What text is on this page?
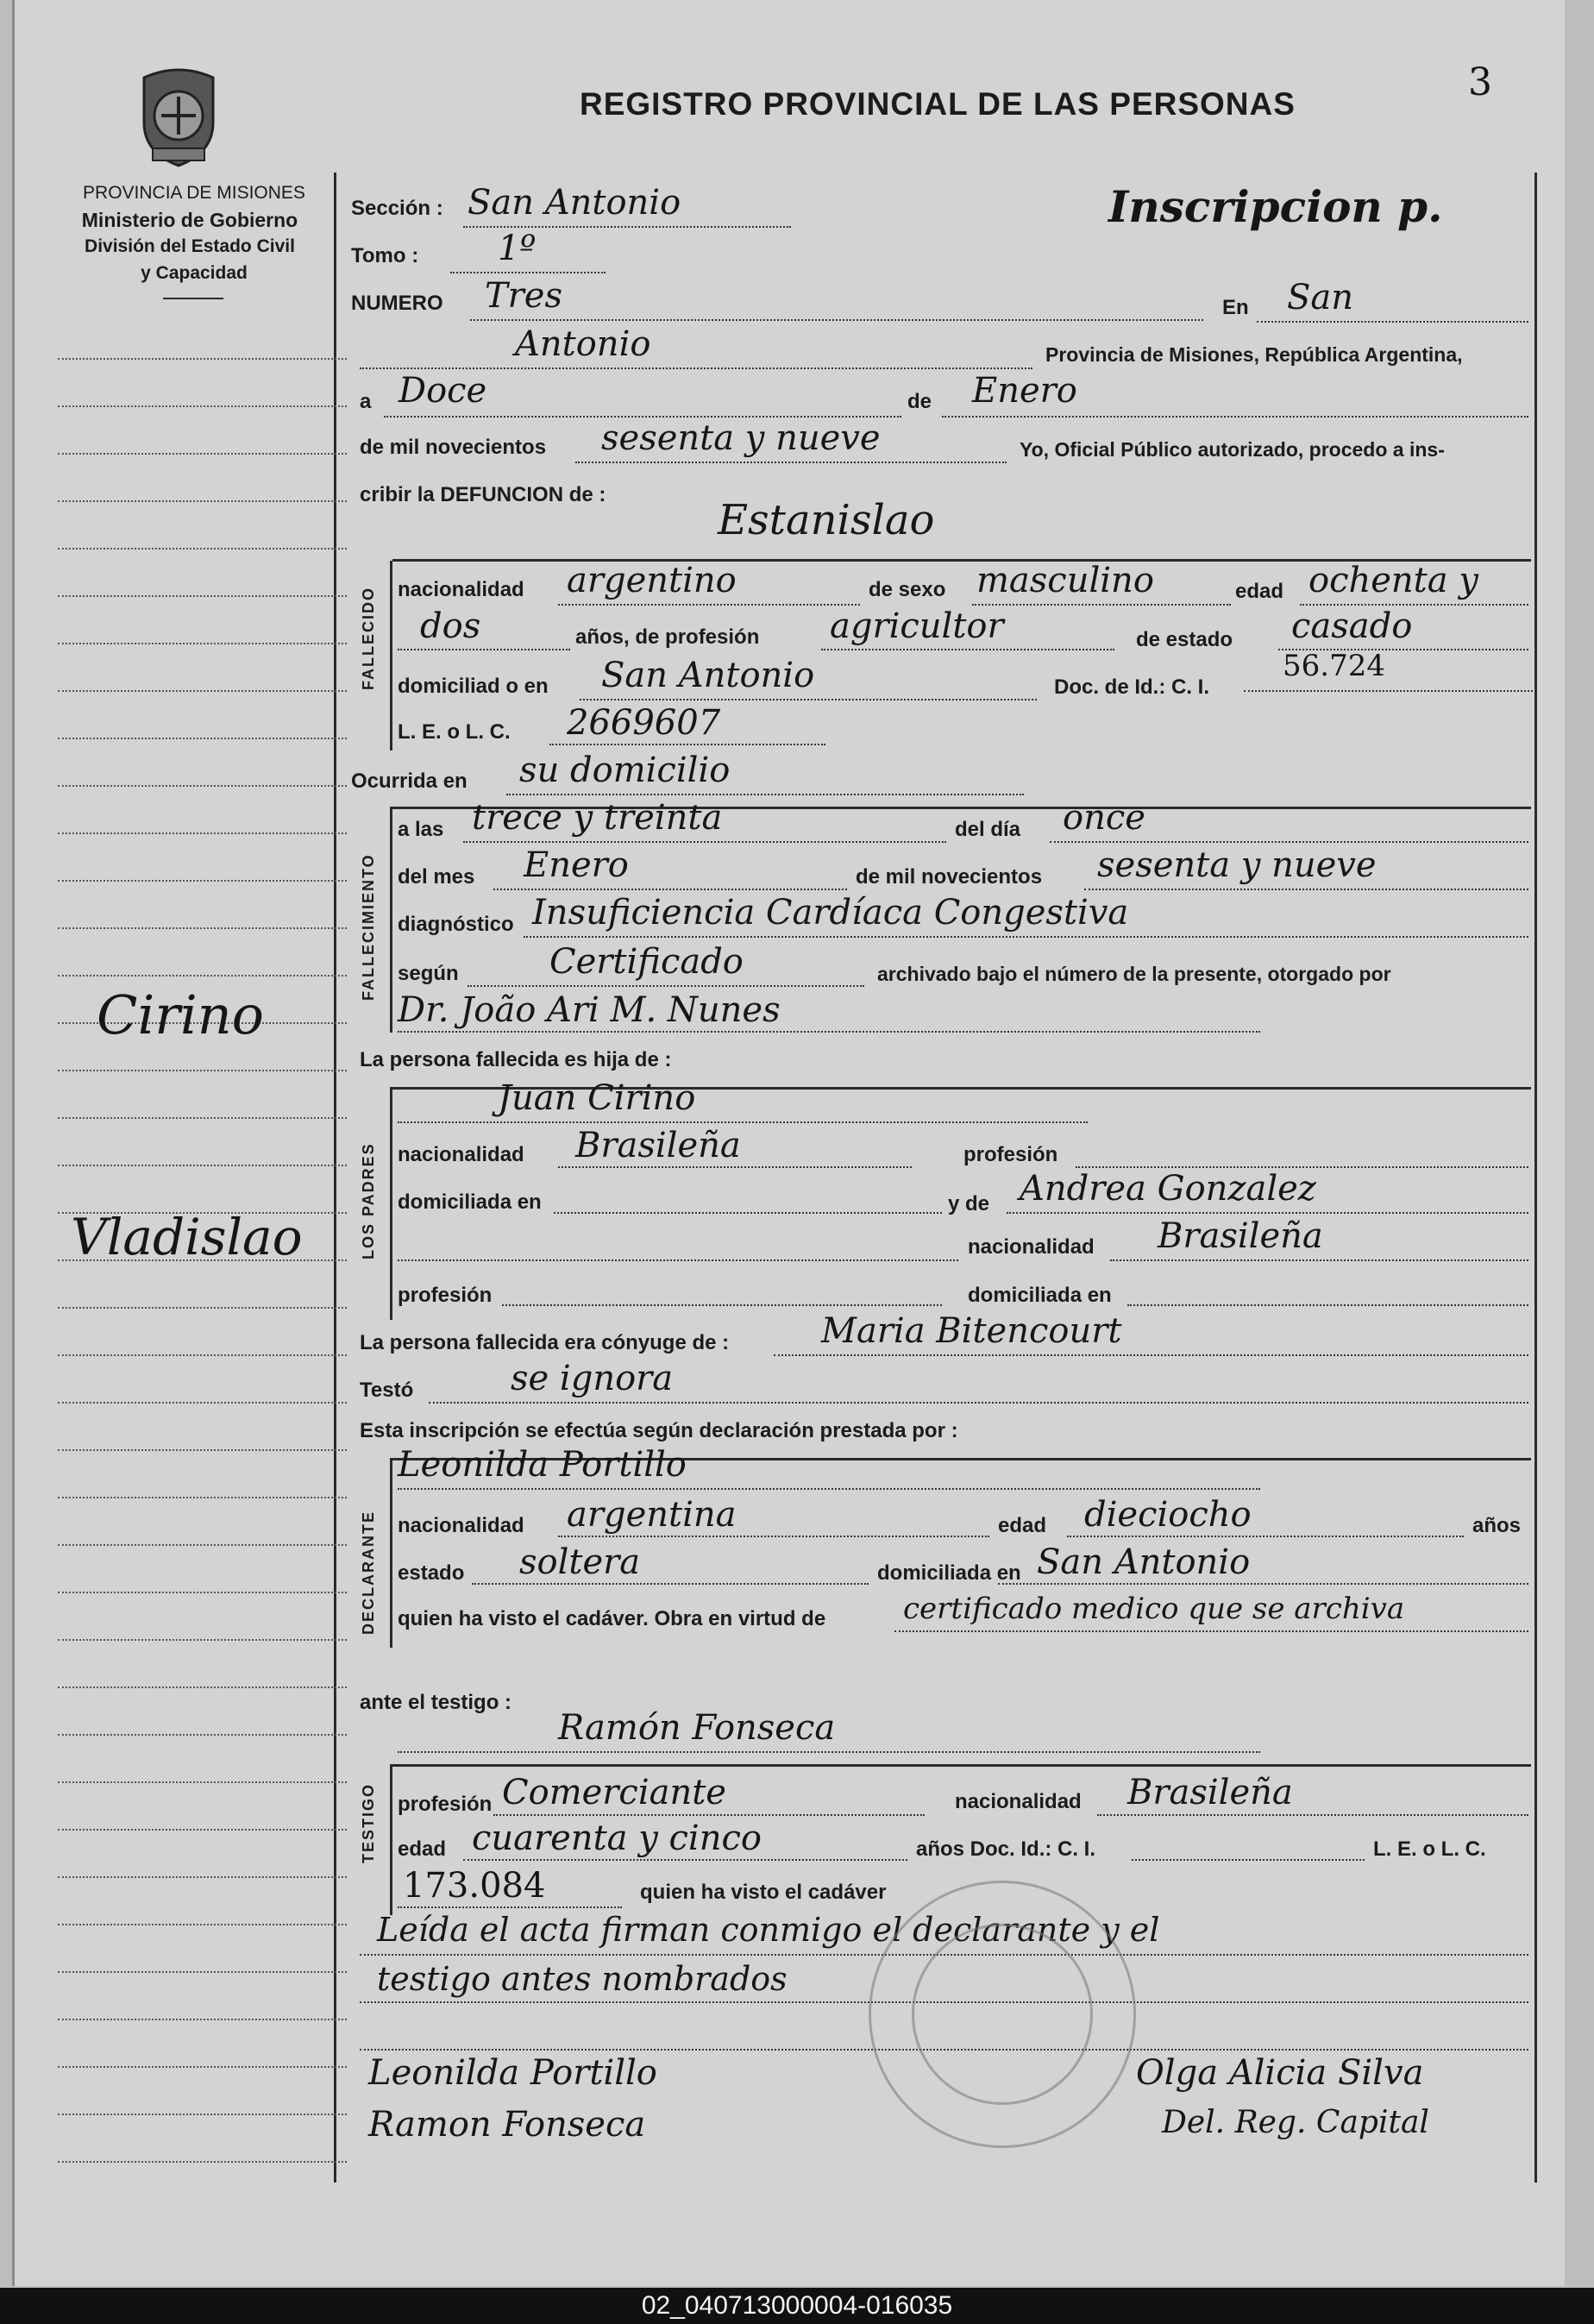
PROVINCIA DE MISIONES
Ministerio de Gobierno
División del Estado Civil
y Capacidad
REGISTRO PROVINCIAL DE LAS PERSONAS	3
Inscripcion p.
Cirino
Vladislao
Sección : San Antonio
Tomo : 1º
NUMERO Tres	En San
Antonio	Provincia de Misiones, República Argentina,
a Doce	de Enero
de mil novecientos sesenta y nueve	Yo, Oficial Público autorizado, procedo a ins-
cribir la DEFUNCION de :
Estanislao
FALLECIDO nacionalidad argentino	de sexo masculino	edad ochenta y
dos	años, de profesión agricultor	de estado casado
domiciliad o en San Antonio	Doc. de Id.: C. I.
56.724
L. E. o L. C. 2669607
Ocurrida en su domicilio
FALLECIMIENTO
a las trece y treinta	del día once
del mes Enero	de mil novecientos sesenta y nueve
diagnóstico Insuficiencia Cardíaca Congestiva
según	Certificado	archivado bajo el número de la presente, otorgado por
Dr. João Ari M. Nunes
La persona fallecida es hija de :
LOS PADRES
Juan Cirino
nacionalidad Brasileña	profesión
domiciliada en	y de Andrea Gonzalez
nacionalidad Brasileña
profesión	domiciliada en
La persona fallecida era cónyuge de :	Maria Bitencourt
Testó	se ignora
Esta inscripción se efectúa según declaración prestada por :
DECLARANTE
Leonilda Portillo
nacionalidad argentina	edad dieciocho	años
estado soltera	domiciliada en San Antonio
quien ha visto el cadáver. Obra en virtud de	certificado medico que se archiva
ante el testigo :
Ramón Fonseca
TESTIGO profesión Comerciante	nacionalidad Brasileña
edad cuarenta y cinco	años Doc. Id.: C. I.	L. E. o L. C.
173.084	quien ha visto el cadáver
Leída el acta firman conmigo el declarante y el
testigo antes nombrados
Leonilda Portillo
Ramon Fonseca
Olga Alicia Silva
Del. Reg. Capital
02_040713000004-016035
